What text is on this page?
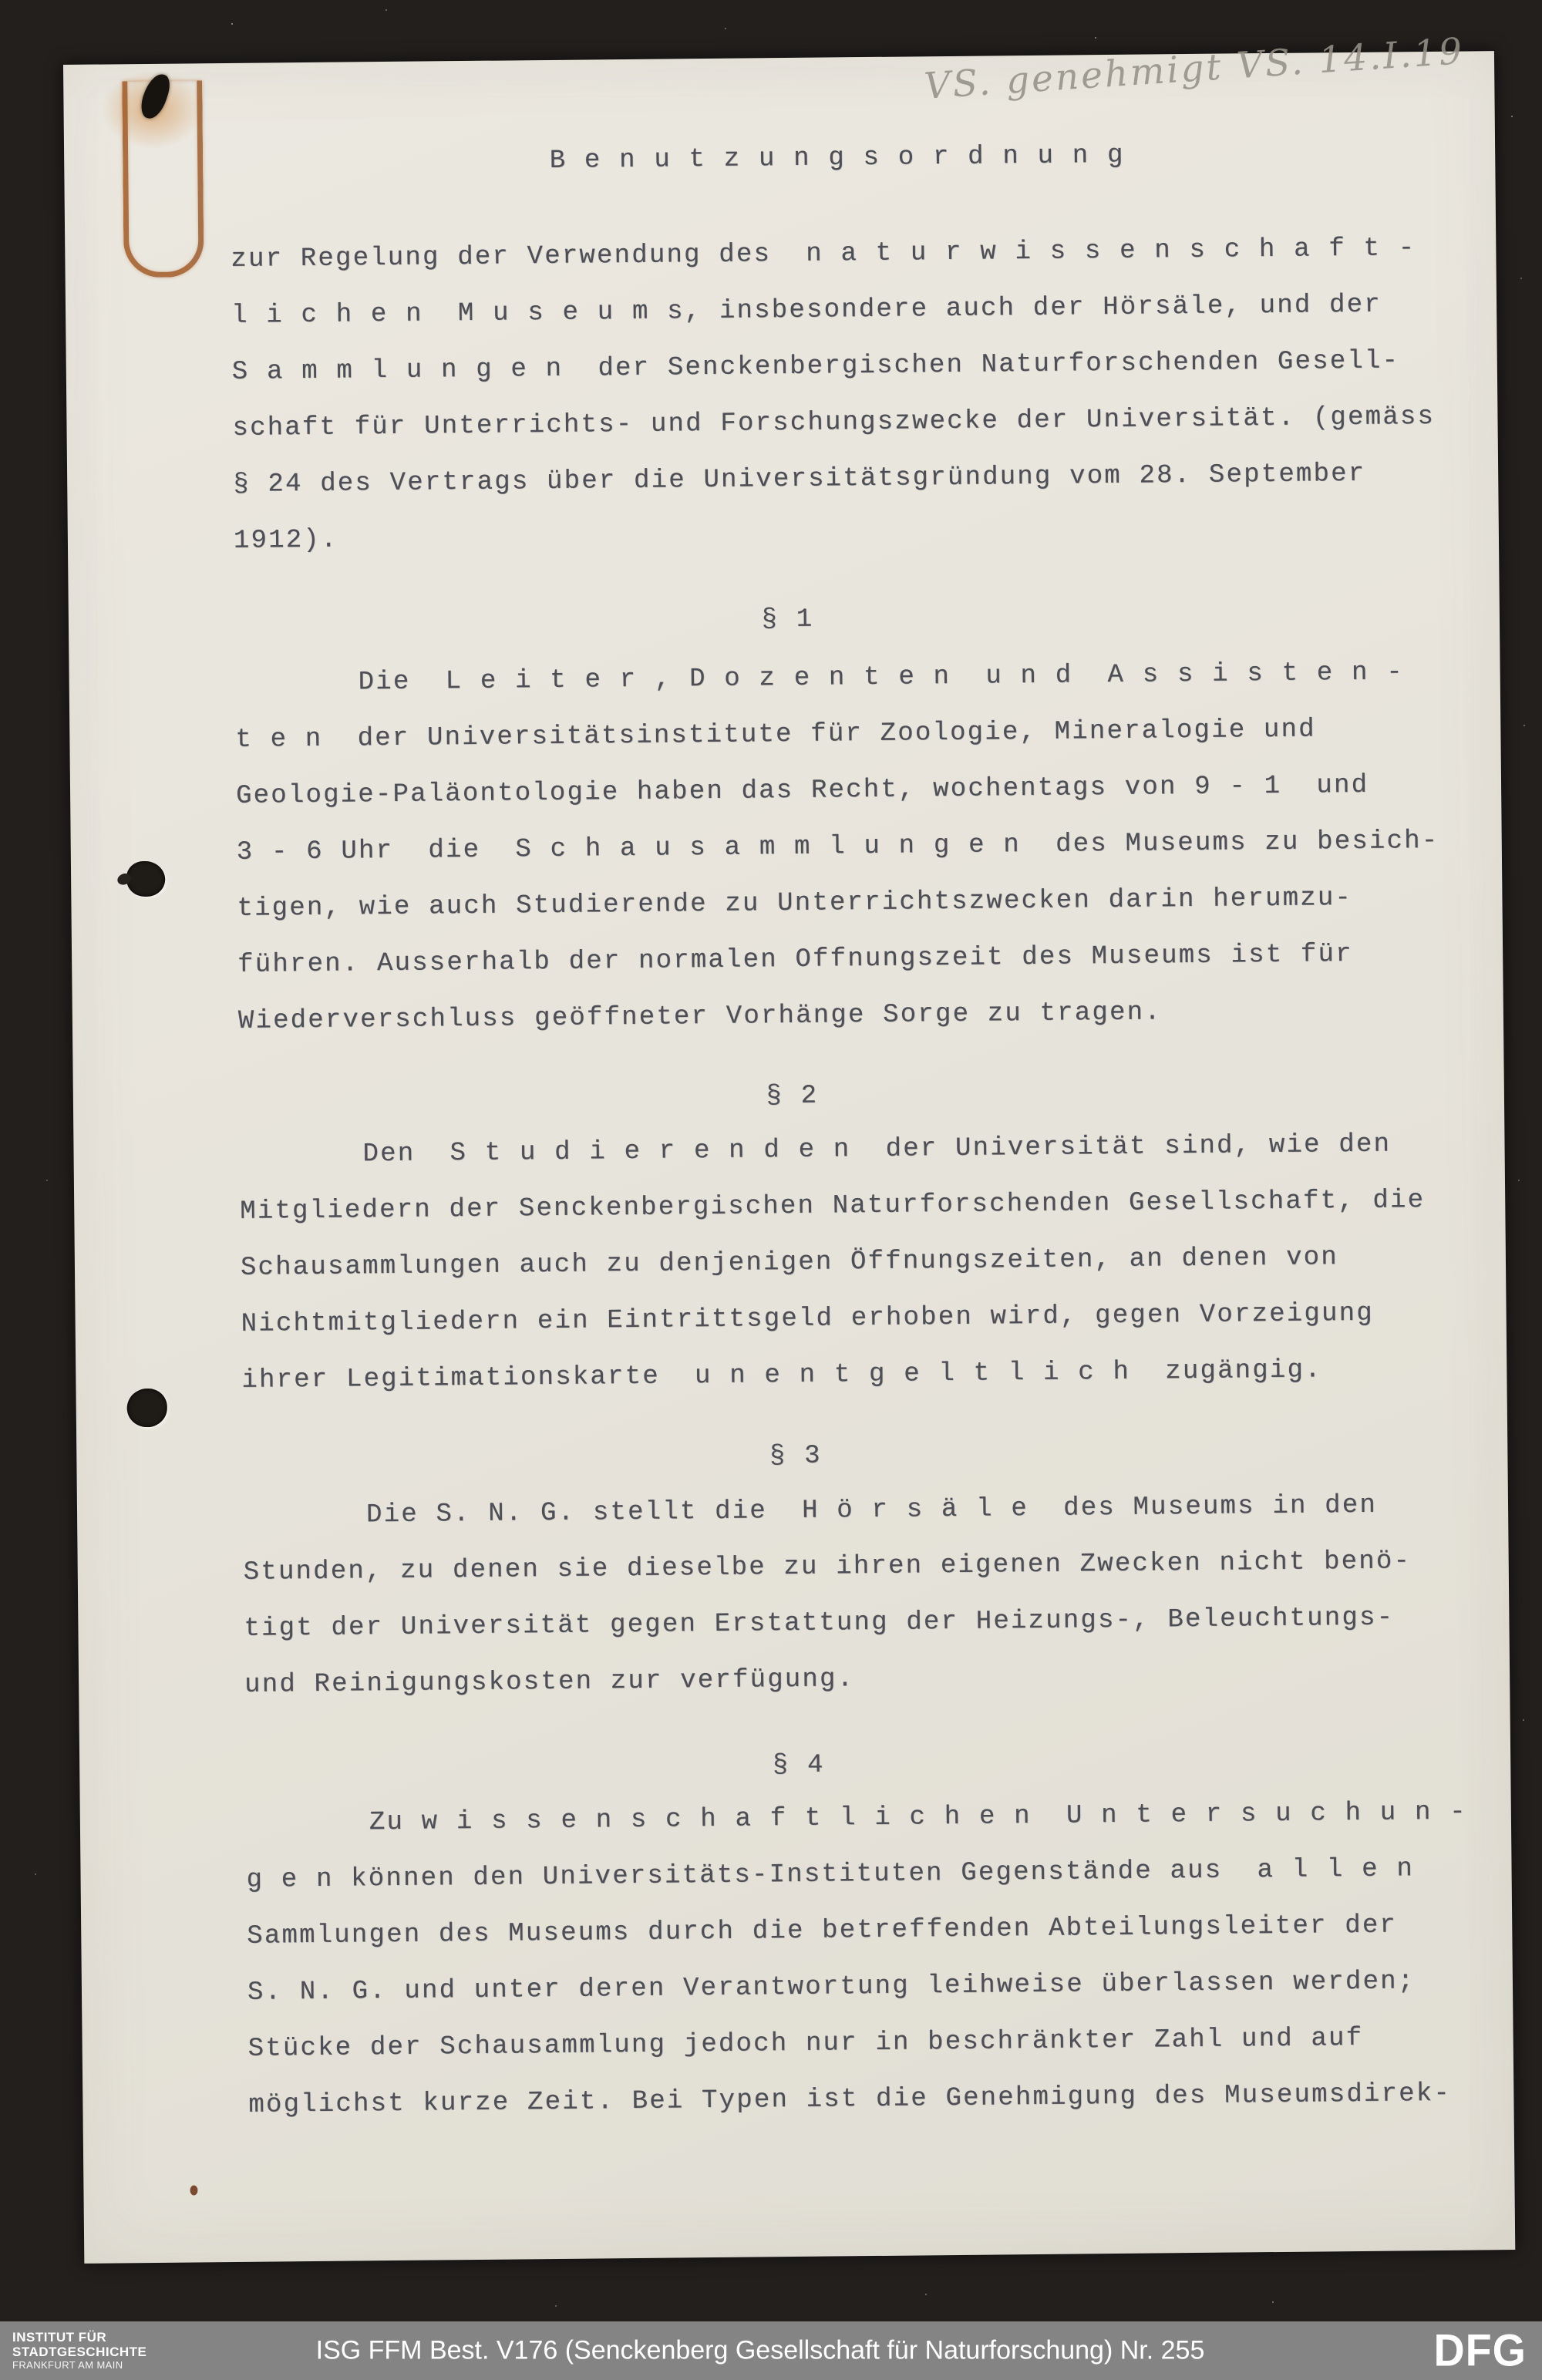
VS. genehmigt VS. 14.I.19
B e n u t z u n g s o r d n u n g
zur Regelung der Verwendung des  n a t u r w i s s e n s c h a f t -
l i c h e n  M u s e u m s, insbesondere auch der Hörsäle, und der
S a m m l u n g e n  der Senckenbergischen Naturforschenden Gesell-
schaft für Unterrichts- und Forschungszwecke der Universität. (gemäss
§ 24 des Vertrags über die Universitätsgründung vom 28. September
1912).
§ 1
Die  L e i t e r , D o z e n t e n  u n d  A s s i s t e n -
t e n  der Universitätsinstitute für Zoologie, Mineralogie und
Geologie-Paläontologie haben das Recht, wochentags von 9 - 1  und
3 - 6 Uhr  die  S c h a u s a m m l u n g e n  des Museums zu besich-
tigen, wie auch Studierende zu Unterrichtszwecken darin herumzu-
führen. Ausserhalb der normalen Offnungszeit des Museums ist für
Wiederverschluss geöffneter Vorhänge Sorge zu tragen.
§ 2
Den  S t u d i e r e n d e n  der Universität sind, wie den
Mitgliedern der Senckenbergischen Naturforschenden Gesellschaft, die
Schausammlungen auch zu denjenigen Öffnungszeiten, an denen von
Nichtmitgliedern ein Eintrittsgeld erhoben wird, gegen Vorzeigung
ihrer Legitimationskarte  u n e n t g e l t l i c h  zugängig.
§ 3
Die S. N. G. stellt die  H ö r s ä l e  des Museums in den
Stunden, zu denen sie dieselbe zu ihren eigenen Zwecken nicht benö-
tigt der Universität gegen Erstattung der Heizungs-, Beleuchtungs-
und Reinigungskosten zur verfügung.
§ 4
Zu w i s s e n s c h a f t l i c h e n  U n t e r s u c h u n -
g e n können den Universitäts-Instituten Gegenstände aus  a l l e n
Sammlungen des Museums durch die betreffenden Abteilungsleiter der
S. N. G. und unter deren Verantwortung leihweise überlassen werden;
Stücke der Schausammlung jedoch nur in beschränkter Zahl und auf
möglichst kurze Zeit. Bei Typen ist die Genehmigung des Museumsdirek-
INSTITUT FÜR
STADTGESCHICHTE
FRANKFURT AM MAIN	ISG FFM Best. V176 (Senckenberg Gesellschaft für Naturforschung) Nr. 255	DFG
